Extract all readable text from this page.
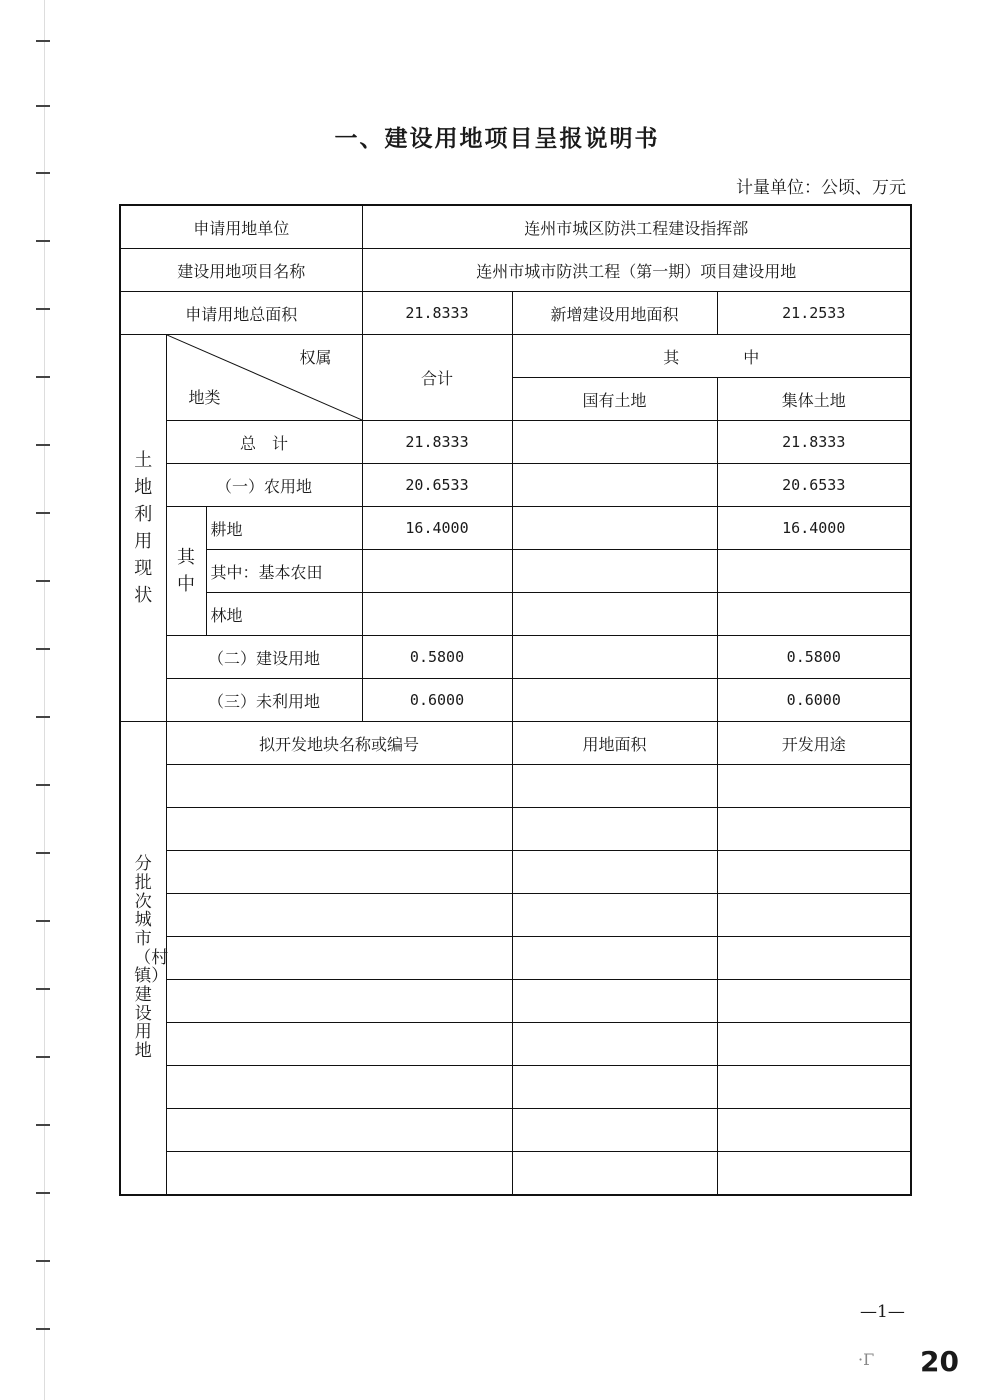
一、建设用地项目呈报说明书
计量单位：公顷、万元
申请用地单位			连州市城区防洪工程建设指挥部		
建设用地项目名称			连州市城市防洪工程（第一期）项目建设用地		
申请用地总面积			21.8333	新增建设用地面积	21.2533
土地利用现状	权属
地类		合计	其　　　　中	
				国有土地	集体土地
	总　计		21.8333		21.8333
	（一）农用地		20.6533		20.6533
	其中	耕地	16.4000		16.4000
		其中：基本农田			
		林地			
	（二）建设用地		0.5800		0.5800
	（三）未利用地		0.6000		0.6000
分批次城市（村镇）建设用地	拟开发地块名称或编号			用地面积	开发用途

—1—
·Γ 20
